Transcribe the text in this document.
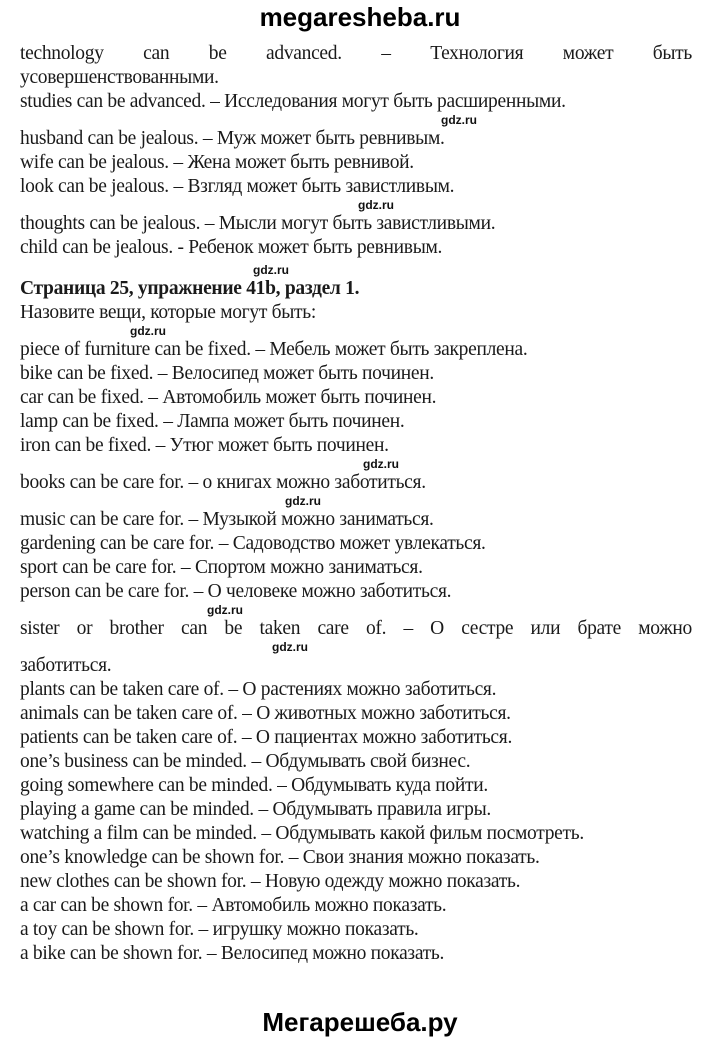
megaresheba.ru
technology can be advanced. – Технология может быть
усовершенствованными.
studies can be advanced. – Исследования могут быть расширенными.
gdz.ru
husband can be jealous. – Муж может быть ревнивым.
wife can be jealous. – Жена может быть ревнивой.
look can be jealous. – Взгляд может быть завистливым.
gdz.ru
thoughts can be jealous. – Мысли могут быть завистливыми.
child can be jealous. - Ребенок может быть ревнивым.
gdz.ru
Страница 25, упражнение 41b, раздел 1.
Назовите вещи, которые могут быть:
gdz.ru
piece of furniture can be fixed. – Мебель может быть закреплена.
bike can be fixed. – Велосипед может быть починен.
car can be fixed. – Автомобиль может быть починен.
lamp can be fixed. – Лампа может быть починен.
iron can be fixed. – Утюг может быть починен.
gdz.ru
books can be care for. – о книгах можно заботиться.
gdz.ru
music can be care for. – Музыкой можно заниматься.
gardening can be care for. – Садоводство может увлекаться.
sport can be care for. – Спортом можно заниматься.
person can be care for. – О человеке можно заботиться.
gdz.ru
sister or brother can be taken care of. – О сестре или брате можно
gdz.ru
заботиться.
plants can be taken care of. – О растениях можно заботиться.
animals can be taken care of. – О животных можно заботиться.
patients can be taken care of. – О пациентах можно заботиться.
one’s business can be minded. – Обдумывать свой бизнес.
going somewhere can be minded. – Обдумывать куда пойти.
playing a game can be minded. – Обдумывать правила игры.
watching a film can be minded. – Обдумывать какой фильм посмотреть.
one’s knowledge can be shown for. – Свои знания можно показать.
new clothes can be shown for. – Новую одежду можно показать.
a car can be shown for. – Автомобиль можно показать.
a toy can be shown for. – игрушку можно показать.
a bike can be shown for. – Велосипед можно показать.
Мегарешеба.ру
